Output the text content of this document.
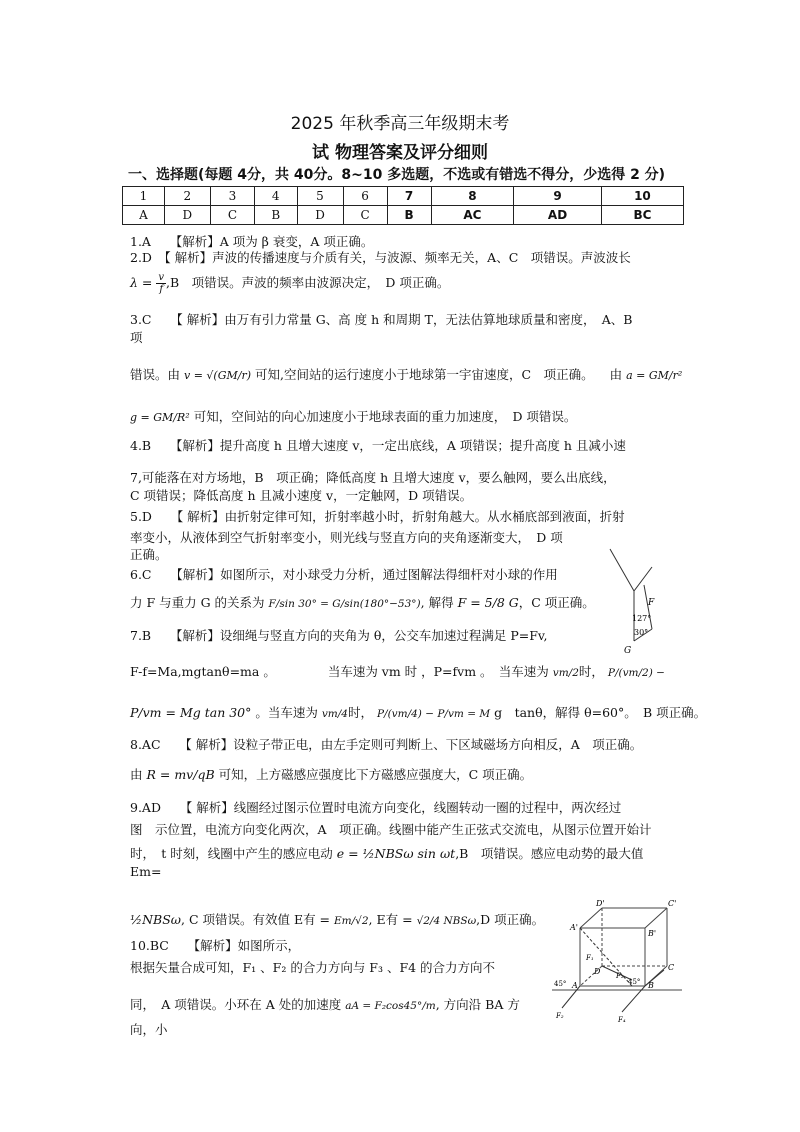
2025 年秋季高三年级期末考
试 物理答案及评分细则
一、选择题(每题 4分，共 40分。8~10 多选题，不选或有错选不得分，少选得 2 分)
1	2	3	4	5	6	7	8	9	10
A	D	C	B	D	C	B	AC	AD	BC
1.A　　【解析】A 项为 β 衰变，A 项正确。
2.D　【 解析】声波的传播速度与介质有关，与波源、频率无关，A、C　项错误。声波波长
$\lambda = \frac{v}{f} ,B$　项错误。声波的频率由波源决定，　D 项正确。
3.C　　【 解析】由万有引力常量 G、高 度 h 和周期 T，无法估算地球质量和密度，　A、B
项
错误。由 v = √(GM/r) 可知,空间站的运行速度小于地球第一宇宙速度，C　项正确。 由 a = GM/r²
g = GM/R² 可知，空间站的向心加速度小于地球表面的重力加速度，　D 项错误。
4.B　　【解析】提升高度 h 且增大速度 v，一定出底线，A 项错误；提升高度 h 且减小速
7,可能落在对方场地，B　项正确；降低高度 h 且增大速度 v，要么触网，要么出底线，
C 项错误；降低高度 h 且减小速度 v，一定触网，D 项错误。
5.D　　【 解析】由折射定律可知，折射率越小时，折射角越大。从水桶底部到液面，折射
率变小，从液体到空气折射率变小，则光线与竖直方向的夹角逐渐变大，　D 项
正确。
6.C　　【解析】如图所示，对小球受力分析，通过图解法得细杆对小球的作用
力 F 与重力 G 的关系为 F/sin 30° = G/sin(180°−53°), 解得 F = 5/8 G，C 项正确。	F
G
127°
30°
7.B　　【解析】设细绳与竖直方向的夹角为 θ，公交车加速过程满足 P=Fv,
F-f=Ma,mgtanθ=ma 。	当车速为 vm 时 ，P=fvm 。　当车速为 vm/2时， P/(vm/2) −
P/vm = Mg tan 30° 。当车速为 vm/4时， P/(vm/4) − P/vm = M g　tanθ，解得 θ=60°。　B 项正确。
8.AC　　【 解析】设粒子带正电，由左手定则可判断上、下区域磁场方向相反，A　项正确。
由 R = mv/qB 可知，上方磁感应强度比下方磁感应强度大，C 项正确。
9.AD　　【 解析】线圈经过图示位置时电流方向变化，线圈转动一圈的过程中，两次经过
图　示位置，电流方向变化两次，A　项正确。线圈中能产生正弦式交流电，从图示位置开始计
时，　t 时刻，线圈中产生的感应电动 e = ½NBSω sin ωt,B　项错误。感应电动势的最大值
Em=
½NBSω, C 项错误。有效值 E有 = Em/√2, E有 = √2/4 NBSω,D 项正确。
10.BC　　【解析】如图所示，
根据矢量合成可知，F₁ 、F₂ 的合力方向与 F₃ 、F4 的合力方向不
同，　A 项错误。小环在 A 处的加速度 aA = F₂cos45°/m, 方向沿 BA 方
向，小
D'	C'
A'
B'
D	C
A	B
F₁
F₂
F₃
F₄
45°	45°
